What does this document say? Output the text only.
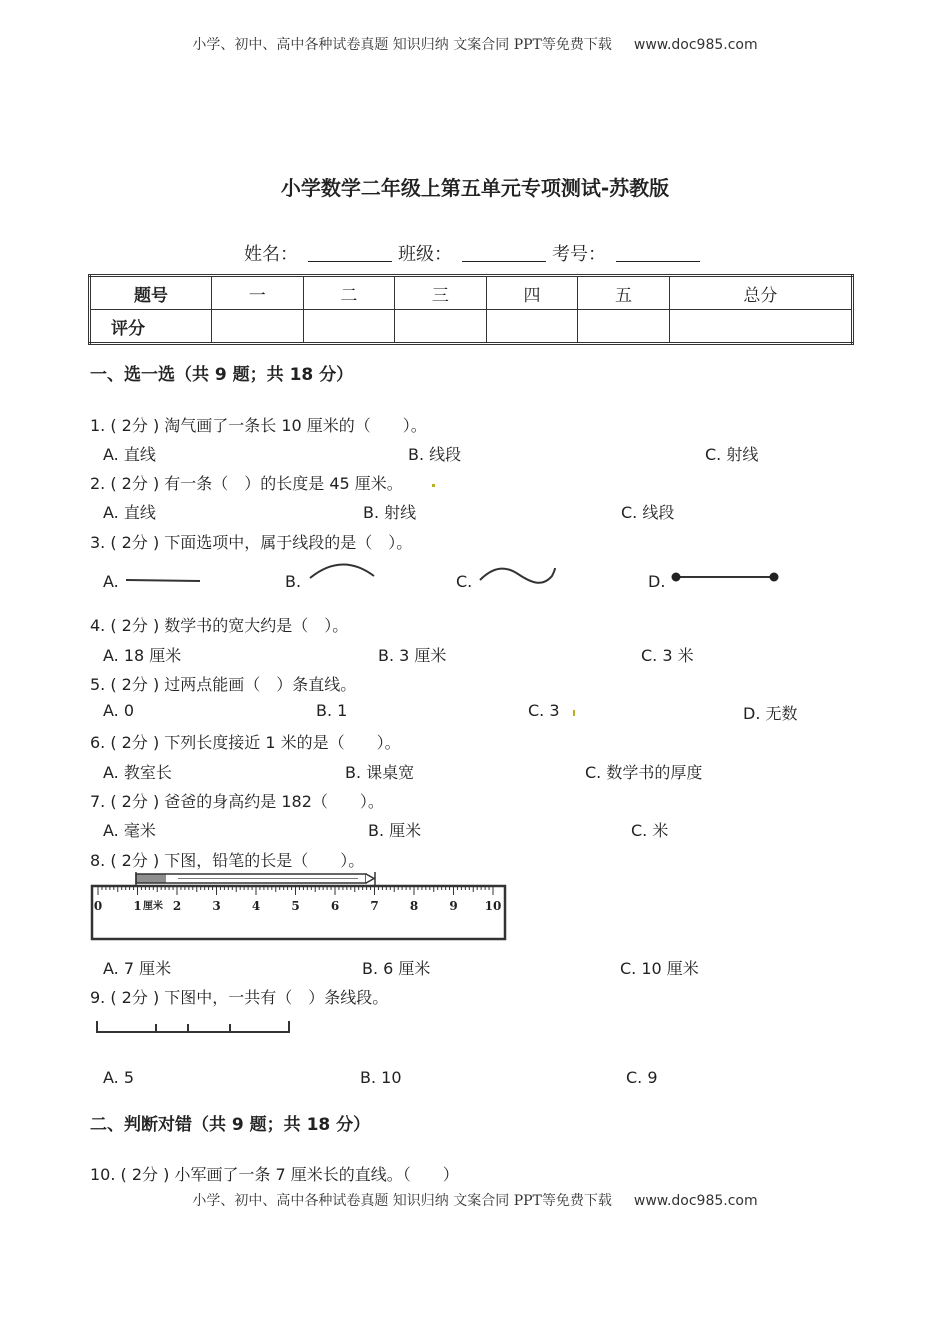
小学、初中、高中各种试卷真题 知识归纳 文案合同 PPT等免费下载 www.doc985.com
小学数学二年级上第五单元专项测试-苏教版
姓名：	班级：	考号：
题号	一	二	三	四	五	总分
评分						
一、选一选（共 9 题；共 18 分）
1. ( 2分 ) 淘气画了一条长 10 厘米的（　　）。
A. 直线	B. 线段	C. 射线
2. ( 2分 ) 有一条（　）的长度是 45 厘米。
A. 直线	B. 射线	C. 线段
3. ( 2分 ) 下面选项中，属于线段的是（　）。
A.	B.	C.	D.
4. ( 2分 ) 数学书的宽大约是（　）。
A. 18 厘米	B. 3 厘米	C. 3 米
5. ( 2分 ) 过两点能画（　）条直线。
A. 0	B. 1	C. 3	D. 无数
6. ( 2分 ) 下列长度接近 1 米的是（　　）。
A. 教室长	B. 课桌宽	C. 数学书的厚度
7. ( 2分 ) 爸爸的身高约是 182（　　）。
A. 毫米	B. 厘米	C. 米
8. ( 2分 ) 下图，铅笔的长是（　　）。
0	1	2	3	4	5	6	7	8	9 10
厘米
A. 7 厘米	B. 6 厘米	C. 10 厘米
9. ( 2分 ) 下图中，一共有（　）条线段。
A. 5	B. 10	C. 9
二、判断对错（共 9 题；共 18 分）
10. ( 2分 ) 小军画了一条 7 厘米长的直线。（　　）
小学、初中、高中各种试卷真题 知识归纳 文案合同 PPT等免费下载 www.doc985.com
